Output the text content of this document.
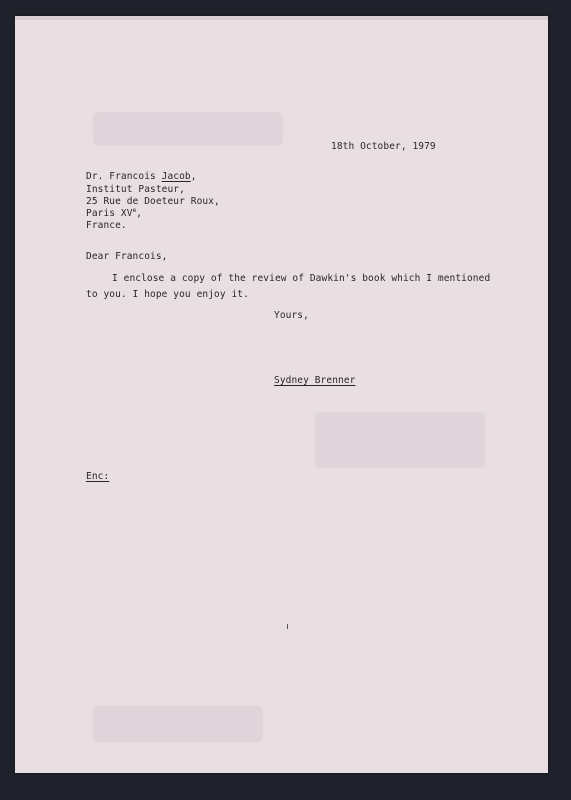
18th October, 1979
Dr. Francois Jacob,
Institut Pasteur,
25 Rue de Doeteur Roux,
Paris XVe,
France.
Dear Francois,
I enclose a copy of the review of Dawkin's book which I mentioned
to you. I hope you enjoy it.
Yours,
Sydney Brenner
Enc:
